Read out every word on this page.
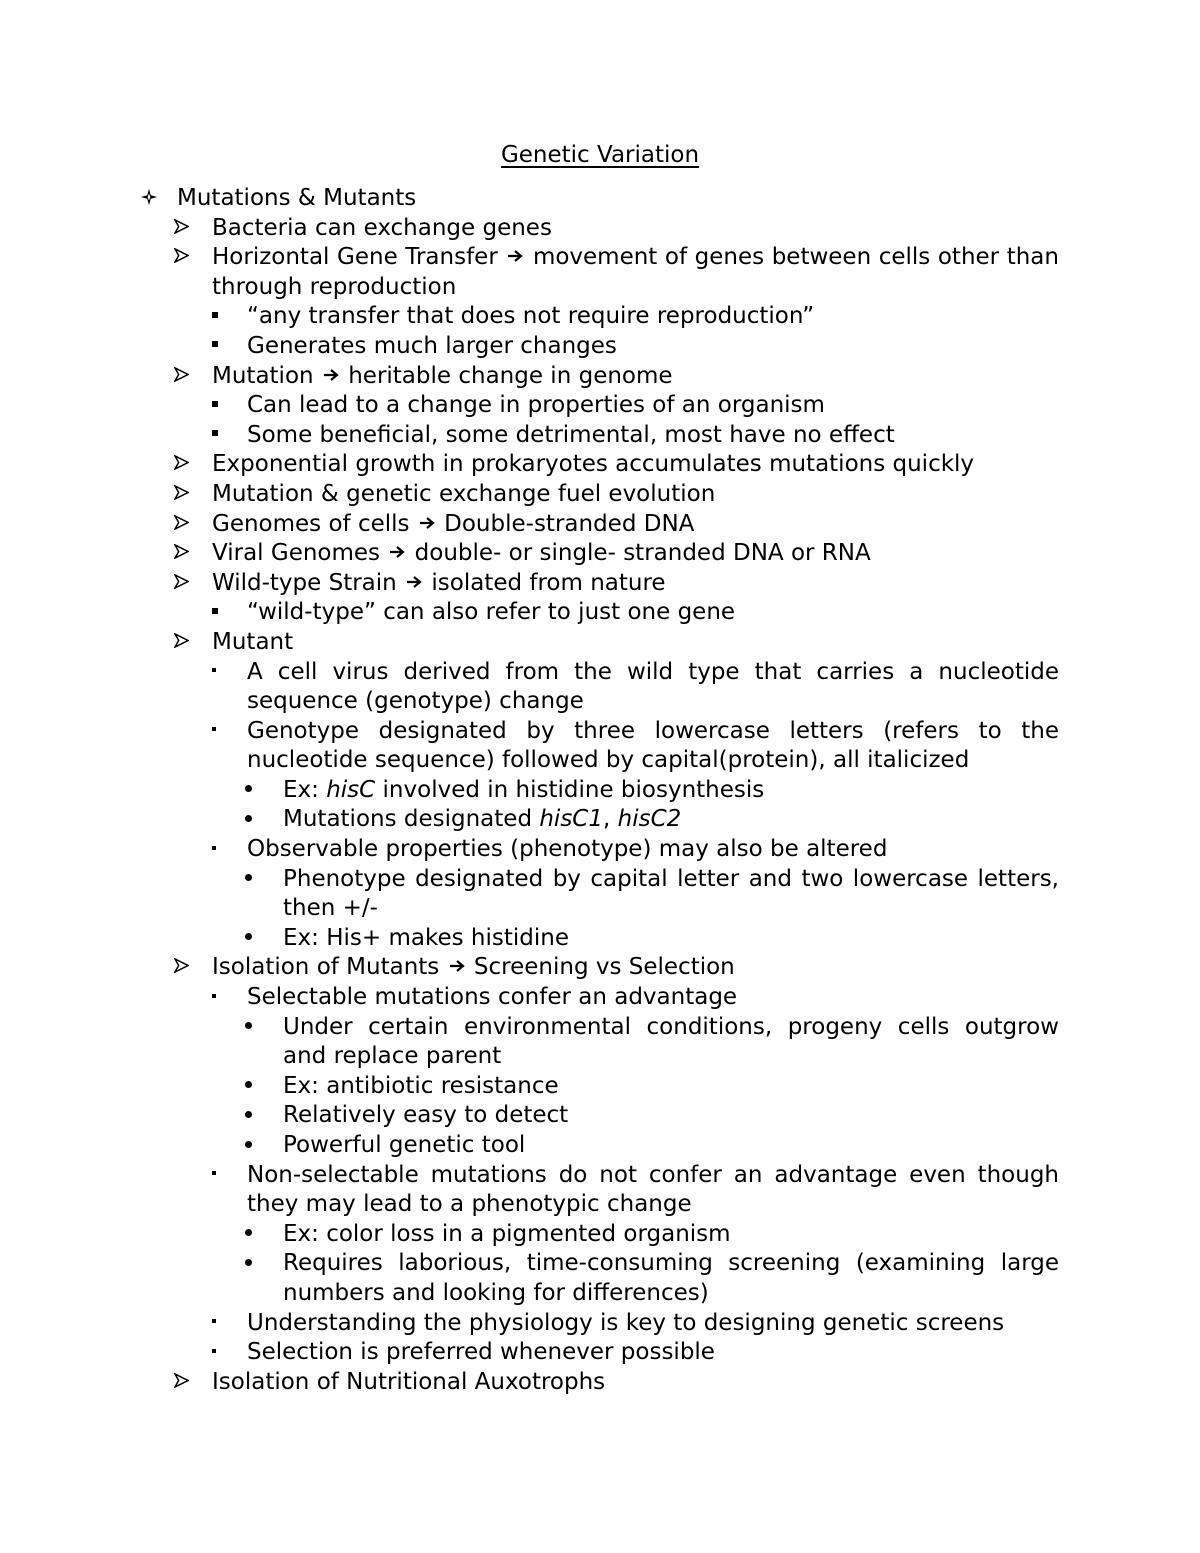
Genetic Variation
Mutations & Mutants
Bacteria can exchange genes
Horizontal Gene Transfer  movement of genes between cells other than through reproduction
“any transfer that does not require reproduction”
Generates much larger changes
Mutation  heritable change in genome
Can lead to a change in properties of an organism
Some beneficial, some detrimental, most have no effect
Exponential growth in prokaryotes accumulates mutations quickly
Mutation & genetic exchange fuel evolution
Genomes of cells  Double-stranded DNA
Viral Genomes  double- or single- stranded DNA or RNA
Wild-type Strain  isolated from nature
“wild-type” can also refer to just one gene
Mutant
A cell virus derived from the wild type that carries a nucleotide sequence (genotype) change
Genotype designated by three lowercase letters (refers to the nucleotide sequence) followed by capital(protein), all italicized
Ex: hisC involved in histidine biosynthesis
Mutations designated hisC1, hisC2
Observable properties (phenotype) may also be altered
Phenotype designated by capital letter and two lowercase letters, then +/-
Ex: His+ makes histidine
Isolation of Mutants  Screening vs Selection
Selectable mutations confer an advantage
Under certain environmental conditions, progeny cells outgrow and replace parent
Ex: antibiotic resistance
Relatively easy to detect
Powerful genetic tool
Non-selectable mutations do not confer an advantage even though they may lead to a phenotypic change
Ex: color loss in a pigmented organism
Requires laborious, time-consuming screening (examining large numbers and looking for differences)
Understanding the physiology is key to designing genetic screens
Selection is preferred whenever possible
Isolation of Nutritional Auxotrophs
